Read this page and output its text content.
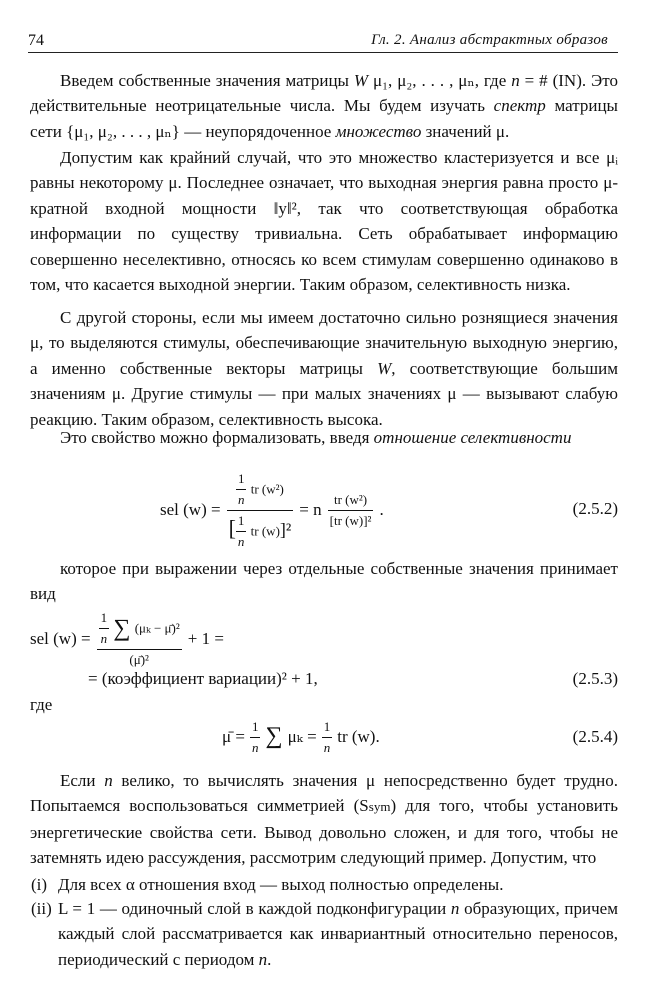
74	Гл. 2. Анализ абстрактных образов

Введем собственные значения матрицы W μ₁, μ₂, . . . , μₙ, где n = # (IN). Это действительные неотрицательные числа. Мы будем изучать спектр матрицы сети {μ₁, μ₂, . . . , μₙ} — неупорядоченное множество значений μ.

Допустим как крайний случай, что это множество кластеризуется и все μᵢ равны некоторому μ. Последнее означает, что выходная энергия равна просто μ-кратной входной мощности ‖y‖², так что соответствующая обработка информации по существу тривиальна. Сеть обрабатывает информацию совершенно неселективно, относясь ко всем стимулам совершенно одинаково в том, что касается выходной энергии. Таким образом, селективность низка.

С другой стороны, если мы имеем достаточно сильно рознящиеся значения μ, то выделяются стимулы, обеспечивающие значительную выходную энергию, а именно собственные векторы матрицы W, соответствующие большим значениям μ. Другие стимулы — при малых значениях μ — вызывают слабую реакцию. Таким образом, селективность высока.

Это свойство можно формализовать, введя отношение селективности

sel $(w) = \frac{\frac{1}{n} tr (w^2)}{[ \frac{1}{n} tr (w)]^2} = n \frac{\text{tr (w²)}}{\text{[tr (w)]²}}$ .	(2.5.2)

которое при выражении через отдельные собственные значения принимает вид

sel $(w) = \frac{\frac{1}{n} \sum (\mu_k - \mū)^2}{\text{(μ̄)²}} + 1$ =
= (коэффициент вариации)² + 1,	(2.5.3)

где

μ̄ = $\frac{1}{n}$ ∑ $\mu_k = \frac{1}{n}$ tr (w).	(2.5.4)

Если n велико, то вычислять значения μ непосредственно будет трудно. Попытаемся воспользоваться симметрией (Ssym) для того, чтобы установить энергетические свойства сети. Вывод довольно сложен, и для того, чтобы не затемнять идею рассуждения, рассмотрим следующий пример. Допустим, что

(i) Для всех α отношения вход — выход полностью определены.
(ii) L = 1 — одиночный слой в каждой подконфигурации n образующих, причем каждый слой рассматривается как инвариантный относительно переносов, периодический с периодом n.
